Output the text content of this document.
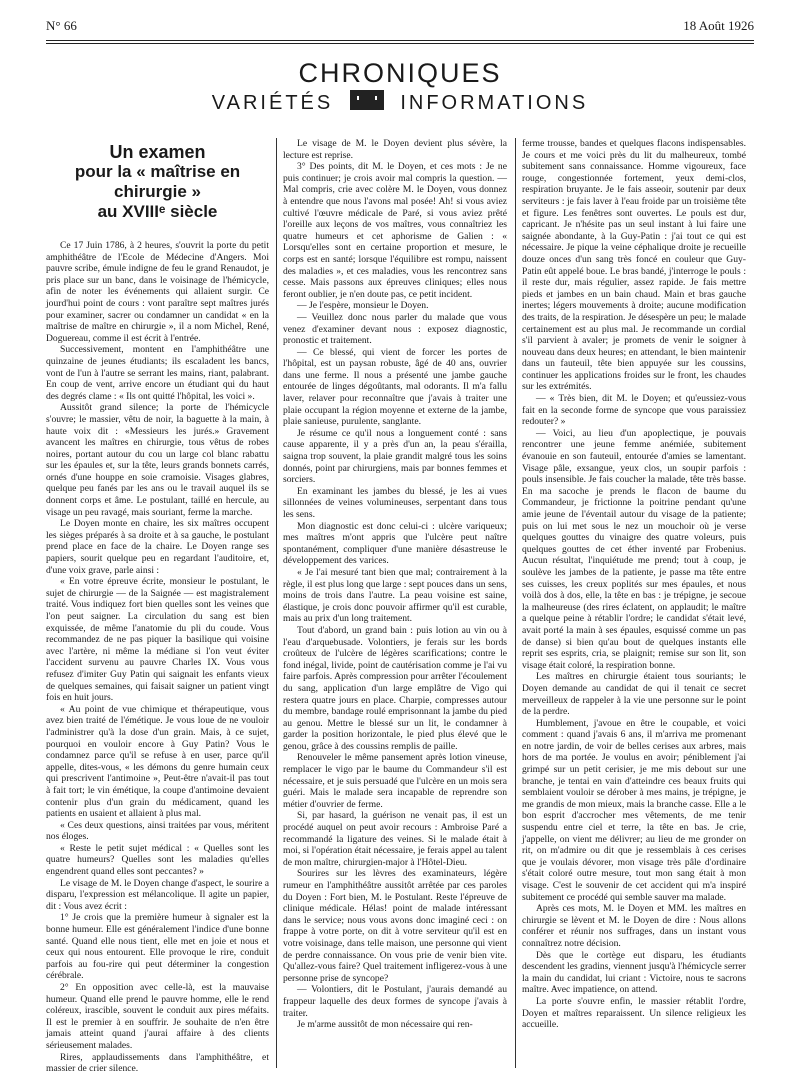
N° 66	18 Août 1926
CHRONIQUES
VARIÉTÉS	INFORMATIONS
Un examen
pour la « maîtrise en chirurgie »
au XVIIIᵉ siècle

Ce 17 Juin 1786, à 2 heures, s'ouvrit la porte du petit amphithéâtre de l'Ecole de Médecine d'Angers. Moi pauvre scribe, émule indigne de feu le grand Renaudot, je pris place sur un banc, dans le voisinage de l'hémicycle, afin de noter les événements qui allaient surgir. Ce jourd'hui point de cours : vont paraître sept maîtres jurés pour examiner, sacrer ou condamner un candidat « en la maîtrise de maître en chirurgie », il a nom Michel, René, Doguereau, comme il est écrit à l'entrée.

Successivement, montent en l'amphithéâtre une quinzaine de jeunes étudiants; ils escaladent les bancs, vont de l'un à l'autre se serrant les mains, riant, palabrant. En coup de vent, arrive encore un étudiant qui du haut des degrés clame : « Ils ont quitté l'hôpital, les voici ».

Aussitôt grand silence; la porte de l'hémicycle s'ouvre; le massier, vêtu de noir, la baguette à la main, à haute voix dit : «Messieurs les jurés.» Gravement avancent les maîtres en chirurgie, tous vêtus de robes noires, portant autour du cou un large col blanc rabattu sur les épaules et, sur la tête, leurs grands bonnets carrés, ornés d'une houppe en soie cramoisie. Visages glabres, quelque peu fanés par les ans ou le travail auquel ils se donnent corps et âme. Le postulant, taillé en hercule, au visage un peu ravagé, mais souriant, ferme la marche.

Le Doyen monte en chaire, les six maîtres occupent les sièges préparés à sa droite et à sa gauche, le postulant prend place en face de la chaire. Le Doyen range ses papiers, sourit quelque peu en regardant l'auditoire, et, d'une voix grave, parle ainsi :

« En votre épreuve écrite, monsieur le postulant, le sujet de chirurgie — de la Saignée — est magistralement traité. Vous indiquez fort bien quelles sont les veines que l'on peut saigner. La circulation du sang est bien exquissée, de même l'anatomie du pli du coude. Vous recommandez de ne pas piquer la basilique qui voisine avec l'artère, ni même la médiane si l'on veut éviter l'accident survenu au pauvre Charles IX. Vous vous refusez d'imiter Guy Patin qui saignait les enfants vieux de quelques semaines, qui faisait saigner un patient vingt fois en huit jours.

« Au point de vue chimique et thérapeutique, vous avez bien traité de l'émétique. Je vous loue de ne vouloir l'administrer qu'à la dose d'un grain. Mais, à ce sujet, pourquoi en vouloir encore à Guy Patin? Vous le condamnez parce qu'il se refuse à en user, parce qu'il appelle, dites-vous, « les démons du genre humain ceux qui prescrivent l'antimoine », Peut-être n'avait-il pas tout à fait tort; le vin émétique, la coupe d'antimoine devaient contenir plus d'un grain du médicament, quand les patients en usaient et allaient à plus mal.

« Ces deux questions, ainsi traitées par vous, méritent nos éloges.

« Reste le petit sujet médical : « Quelles sont les quatre humeurs? Quelles sont les maladies qu'elles engendrent quand elles sont peccantes? »

Le visage de M. le Doyen change d'aspect, le sourire a disparu, l'expression est mélancolique. Il agite un papier, dit : Vous avez écrit :

1° Je crois que la première humeur à signaler est la bonne humeur. Elle est généralement l'indice d'une bonne santé. Quand elle nous tient, elle met en joie et nous et ceux qui nous entourent. Elle provoque le rire, conduit parfois au fou-rire qui peut déterminer la congestion cérébrale.

2° En opposition avec celle-là, est la mauvaise humeur. Quand elle prend le pauvre homme, elle le rend coléreux, irascible, souvent le conduit aux pires méfaits. Il est le premier à en souffrir. Je souhaite de n'en être jamais atteint quand j'aurai affaire à des clients sérieusement malades.

Rires, applaudissements dans l'amphithéâtre, et massier de crier silence.

Le visage de M. le Doyen devient plus sévère, la lecture est reprise.

3° Des points, dit M. le Doyen, et ces mots : Je ne puis continuer; je crois avoir mal compris la question. — Mal compris, crie avec colère M. le Doyen, vous donnez à entendre que nous l'avons mal posée! Ah! si vous aviez cultivé l'œuvre médicale de Paré, si vous aviez prêté l'oreille aux leçons de vos maîtres, vous connaîtriez les quatre humeurs et cet aphorisme de Galien : « Lorsqu'elles sont en certaine proportion et mesure, le corps est en santé; lorsque l'équilibre est rompu, naissent des maladies », et ces maladies, vous les rencontrez sans cesse. Mais passons aux épreuves cliniques; elles nous feront oublier, je n'en doute pas, ce petit incident.

— Je l'espère, monsieur le Doyen.

— Veuillez donc nous parler du malade que vous venez d'examiner devant nous : exposez diagnostic, pronostic et traitement.

— Ce blessé, qui vient de forcer les portes de l'hôpital, est un paysan robuste, âgé de 40 ans, ouvrier dans une ferme. Il nous a présenté une jambe gauche entourée de linges dégoûtants, mal odorants. Il m'a fallu laver, relaver pour reconnaître que j'avais à traiter une plaie occupant la région moyenne et externe de la jambe, plaie sanieuse, purulente, sanglante.

Je résume ce qu'il nous a longuement conté : sans cause apparente, il y a près d'un an, la peau s'érailla, saigna trop souvent, la plaie grandit malgré tous les soins donnés, point par chirurgiens, mais par bonnes femmes et sorciers.

En examinant les jambes du blessé, je les ai vues sillonnées de veines volumineuses, serpentant dans tous les sens.

Mon diagnostic est donc celui-ci : ulcère variqueux; mes maîtres m'ont appris que l'ulcère peut naître spontanément, compliquer d'une manière désastreuse le développement des varices.

« Je l'ai mesuré tant bien que mal; contrairement à la règle, il est plus long que large : sept pouces dans un sens, moins de trois dans l'autre. La peau voisine est saine, élastique, je crois donc pouvoir affirmer qu'il est curable, mais au prix d'un long traitement.

Tout d'abord, un grand bain : puis lotion au vin ou à l'eau d'arquebusade. Volontiers, je ferais sur les bords croûteux de l'ulcère de légères scarifications; contre le fond inégal, livide, point de cautérisation comme je l'ai vu faire parfois. Après compression pour arrêter l'écoulement du sang, application d'un large emplâtre de Vigo qui restera quatre jours en place. Charpie, compresses autour du membre, bandage roulé emprisonnant la jambe du pied au genou. Mettre le blessé sur un lit, le condamner à garder la position horizontale, le pied plus élevé que le genou, grâce à des coussins remplis de paille.

Renouveler le même pansement après lotion vineuse, remplacer le vigo par le baume du Commandeur s'il est nécessaire, et je suis persuadé que l'ulcère en un mois sera guéri. Mais le malade sera incapable de reprendre son métier d'ouvrier de ferme.

Si, par hasard, la guérison ne venait pas, il est un procédé auquel on peut avoir recours : Ambroise Paré a recommandé la ligature des veines. Si le malade était à moi, si l'opération était nécessaire, je ferais appel au talent de mon maître, chirurgien-major à l'Hôtel-Dieu.

Sourires sur les lèvres des examinateurs, légère rumeur en l'amphithéâtre aussitôt arrêtée par ces paroles du Doyen : Fort bien, M. le Postulant. Reste l'épreuve de clinique médicale. Hélas! point de malade intéressant dans le service; nous vous avons donc imaginé ceci : on frappe à votre porte, on dit à votre serviteur qu'il est en votre voisinage, dans telle maison, une personne qui vient de perdre connaissance. On vous prie de venir bien vite. Qu'allez-vous faire? Quel traitement infligerez-vous à une personne prise de syncope?

— Volontiers, dit le Postulant, j'aurais demandé au frappeur laquelle des deux formes de syncope j'avais à traiter.

Je m'arme aussitôt de mon nécessaire qui ren-

ferme trousse, bandes et quelques flacons indispensables. Je cours et me voici près du lit du malheureux, tombé subitement sans connaissance. Homme vigoureux, face rouge, congestionnée fortement, yeux demi-clos, respiration bruyante. Je le fais asseoir, soutenir par deux serviteurs : je fais laver à l'eau froide par un troisième tête et figure. Les fenêtres sont ouvertes. Le pouls est dur, capricant. Je n'hésite pas un seul instant à lui faire une saignée abondante, à la Guy-Patin : j'ai tout ce qui est nécessaire. Je pique la veine céphalique droite je recueille douze onces d'un sang très foncé en couleur que Guy-Patin eût appelé boue. Le bras bandé, j'interroge le pouls : il reste dur, mais régulier, assez rapide. Je fais mettre pieds et jambes en un bain chaud. Main et bras gauche inertes; légers mouvements à droite; aucune modification des traits, de la respiration. Je désespère un peu; le malade certainement est au plus mal. Je recommande un cordial s'il parvient à avaler; je promets de venir le soigner à nouveau dans deux heures; en attendant, le bien maintenir dans un fauteuil, tête bien appuyée sur les coussins, continuer les applications froides sur le front, les chaudes sur les extrémités.

— « Très bien, dit M. le Doyen; et qu'eussiez-vous fait en la seconde forme de syncope que vous paraissiez redouter? »

— Voici, au lieu d'un apoplectique, je pouvais rencontrer une jeune femme anémiée, subitement évanouie en son fauteuil, entourée d'amies se lamentant. Visage pâle, exsangue, yeux clos, un soupir parfois : pouls insensible. Je fais coucher la malade, tête très basse. En ma sacoche je prends le flacon de baume du Commandeur, je frictionne la poitrine pendant qu'une amie jeune de l'éventail autour du visage de la patiente; puis on lui met sous le nez un mouchoir où je verse quelques gouttes du vinaigre des quatre voleurs, puis quelques gouttes de cet éther inventé par Frobenius. Aucun résultat, l'inquiétude me prend; tout à coup, je soulève les jambes de la patiente, je passe ma tête entre ses cuisses, les creux poplités sur mes épaules, et nous voilà dos à dos, elle, la tête en bas : je trépigne, je secoue la malheureuse (des rires éclatent, on applaudit; le maître a quelque peine à rétablir l'ordre; le candidat s'était levé, avait porté la main à ses épaules, esquissé comme un pas de danse) si bien qu'au bout de quelques instants elle reprit ses esprits, cria, se plaignit; remise sur son lit, son visage était coloré, la respiration bonne.

Les maîtres en chirurgie étaient tous souriants; le Doyen demande au candidat de qui il tenait ce secret merveilleux de rappeler à la vie une personne sur le point de la perdre.

Humblement, j'avoue en être le coupable, et voici comment : quand j'avais 6 ans, il m'arriva me promenant en notre jardin, de voir de belles cerises aux arbres, mais hors de ma portée. Je voulus en avoir; péniblement j'ai grimpé sur un petit cerisier, je me mis debout sur une branche, je tentai en vain d'atteindre ces beaux fruits qui semblaient vouloir se dérober à mes mains, je trépigne, je me grandis de mon mieux, mais la branche casse. Elle a le bon esprit d'accrocher mes vêtements, de me tenir suspendu entre ciel et terre, la tête en bas. Je crie, j'appelle, on vient me délivrer; au lieu de me gronder on rit, on m'admire ou dit que je ressemblais à ces cerises que je voulais dévorer, mon visage très pâle d'ordinaire s'était coloré outre mesure, tout mon sang était à mon visage. C'est le souvenir de cet accident qui m'a inspiré subitement ce procédé qui semble sauver ma malade.

Après ces mots, M. le Doyen et MM. les maîtres en chirurgie se lèvent et M. le Doyen de dire : Nous allons conférer et réunir nos suffrages, dans un instant vous connaîtrez notre décision.

Dès que le cortège eut disparu, les étudiants descendent les gradins, viennent jusqu'à l'hémicycle serrer la main du candidat, lui criant : Victoire, nous te sacrons maître. Avec impatience, on attend.

La porte s'ouvre enfin, le massier rétablit l'ordre, Doyen et maîtres reparaissent. Un silence religieux les accueille.
